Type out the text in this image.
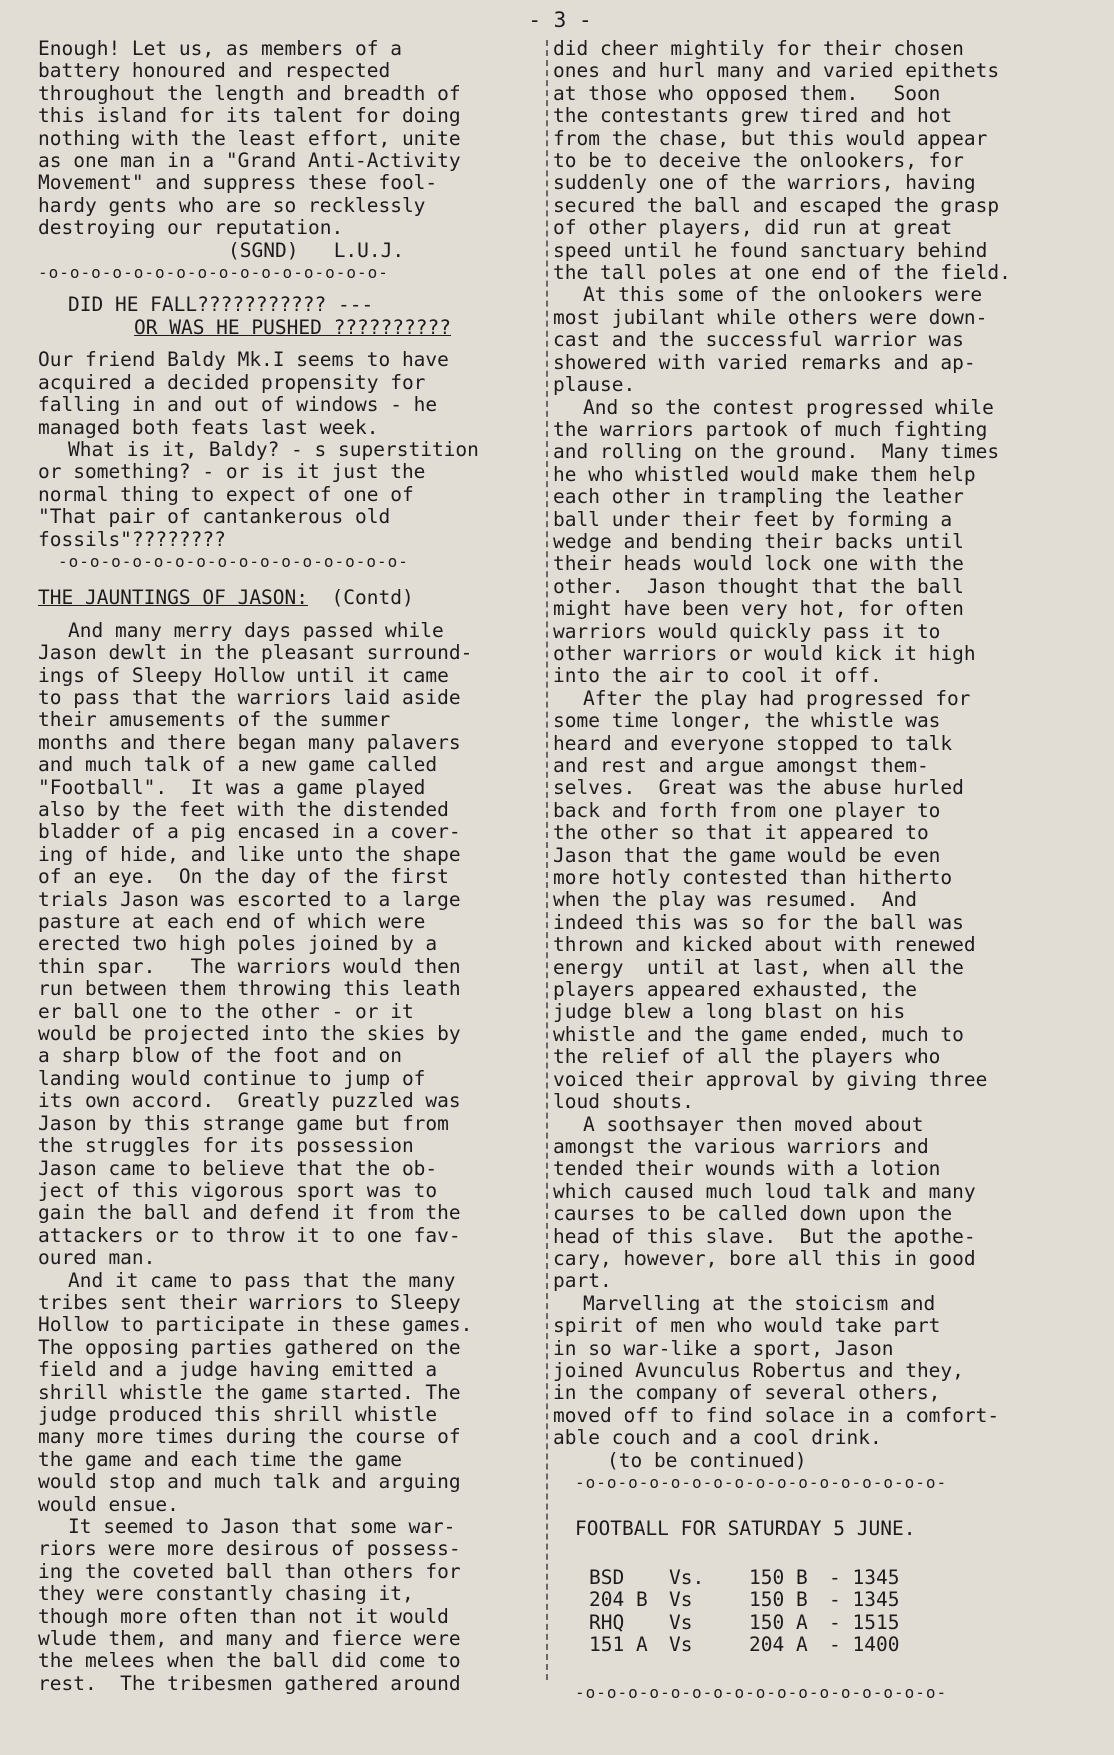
- 3 -
Enough! Let us, as members of a
battery honoured and respected
throughout the length and breadth of
this island for its talent for doing
nothing with the least effort, unite
as one man in a "Grand Anti-Activity
Movement" and suppress these fool-
hardy gents who are so recklessly
destroying our reputation.
(SGND) L.U.J.
-o-o-o-o-o-o-o-o-o-o-o-o-o-o-o-o-
DID HE FALL??????????? ---
OR WAS HE PUSHED ??????????
Our friend Baldy Mk.I seems to have
acquired a decided propensity for
falling in and out of windows - he
managed both feats last week.
What is it, Baldy? - s superstition
or something? - or is it just the
normal thing to expect of one of
"That pair of cantankerous old
fossils"????????
-o-o-o-o-o-o-o-o-o-o-o-o-o-o-o-o-
THE JAUNTINGS OF JASON: (Contd)
And many merry days passed while
Jason dewlt in the pleasant surround-
ings of Sleepy Hollow until it came
to pass that the warriors laid aside
their amusements of the summer
months and there began many palavers
and much talk of a new game called
"Football".  It was a game played
also by the feet with the distended
bladder of a pig encased in a cover-
ing of hide, and like unto the shape
of an eye.  On the day of the first
trials Jason was escorted to a large
pasture at each end of which were
erected two high poles joined by a
thin spar.   The warriors would then
run between them throwing this leath
er ball one to the other - or it
would be projected into the skies by
a sharp blow of the foot and on
landing would continue to jump of
its own accord.  Greatly puzzled was
Jason by this strange game but from
the struggles for its possession
Jason came to believe that the ob-
ject of this vigorous sport was to
gain the ball and defend it from the
attackers or to throw it to one fav-
oured man.
And it came to pass that the many
tribes sent their warriors to Sleepy
Hollow to participate in these games.
The opposing parties gathered on the
field and a judge having emitted a
shrill whistle the game started. The
judge produced this shrill whistle
many more times during the course of
the game and each time the game
would stop and much talk and arguing
would ensue.
It seemed to Jason that some war-
riors were more desirous of possess-
ing the coveted ball than others for
they were constantly chasing it,
though more often than not it would
wlude them, and many and fierce were
the melees when the ball did come to
rest.  The tribesmen gathered around
did cheer mightily for their chosen
ones and hurl many and varied epithets
at those who opposed them.   Soon
the contestants grew tired and hot
from the chase, but this would appear
to be to deceive the onlookers, for
suddenly one of the warriors, having
secured the ball and escaped the grasp
of other players, did run at great
speed until he found sanctuary behind
the tall poles at one end of the field.
At this some of the onlookers were
most jubilant while others were down-
cast and the successful warrior was
showered with varied remarks and ap-
plause.
And so the contest progressed while
the warriors partook of much fighting
and rolling on the ground.  Many times
he who whistled would make them help
each other in trampling the leather
ball under their feet by forming a
wedge and bending their backs until
their heads would lock one with the
other.  Jason thought that the ball
might have been very hot, for often
warriors would quickly pass it to
other warriors or would kick it high
into the air to cool it off.
After the play had progressed for
some time longer, the whistle was
heard and everyone stopped to talk
and rest and argue amongst them-
selves.  Great was the abuse hurled
back and forth from one player to
the other so that it appeared to
Jason that the game would be even
more hotly contested than hitherto
when the play was resumed.  And
indeed this was so for the ball was
thrown and kicked about with renewed
energy  until at last, when all the
players appeared exhausted, the
judge blew a long blast on his
whistle and the game ended, much to
the relief of all the players who
voiced their approval by giving three
loud shouts.
A soothsayer then moved about
amongst the various warriors and
tended their wounds with a lotion
which caused much loud talk and many
caurses to be called down upon the
head of this slave.  But the apothe-
cary, however, bore all this in good
part.
Marvelling at the stoicism and
spirit of men who would take part
in so war-like a sport, Jason
joined Avunculus Robertus and they,
in the company of several others,
moved off to find solace in a comfort-
able couch and a cool drink.
(to be continued)
-o-o-o-o-o-o-o-o-o-o-o-o-o-o-o-o-o-
FOOTBALL FOR SATURDAY 5 JUNE.
BSD Vs. 150 B - 1345
204 B Vs	150 B - 1345
RHQ Vs	150 A - 1515
151 A Vs	204 A - 1400
-o-o-o-o-o-o-o-o-o-o-o-o-o-o-o-o-o-
